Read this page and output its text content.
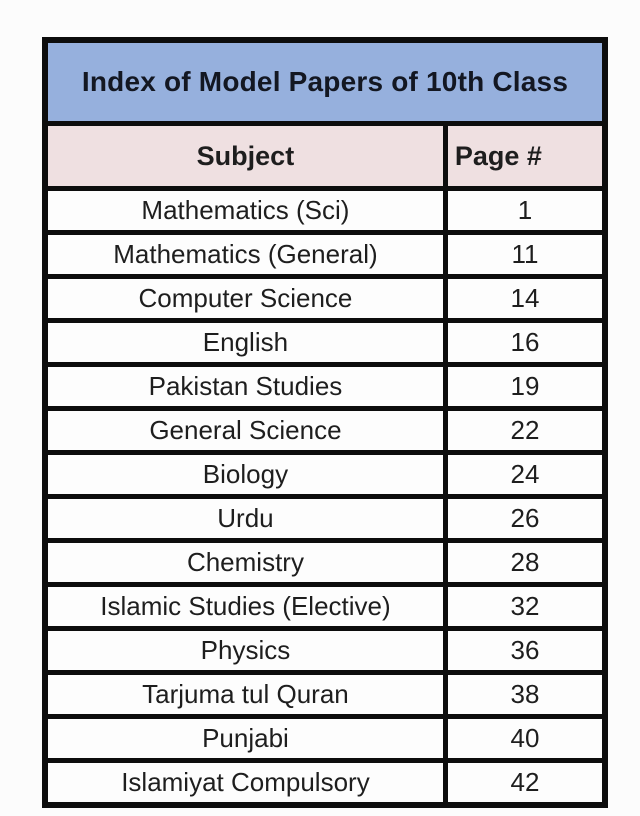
Index of Model Papers of 10th Class	
Subject	Page #
Mathematics (Sci)	1
Mathematics (General)	11
Computer Science	14
English	16
Pakistan Studies	19
General Science	22
Biology	24
Urdu	26
Chemistry	28
Islamic Studies (Elective)	32
Physics	36
Tarjuma tul Quran	38
Punjabi	40
Islamiyat Compulsory	42
